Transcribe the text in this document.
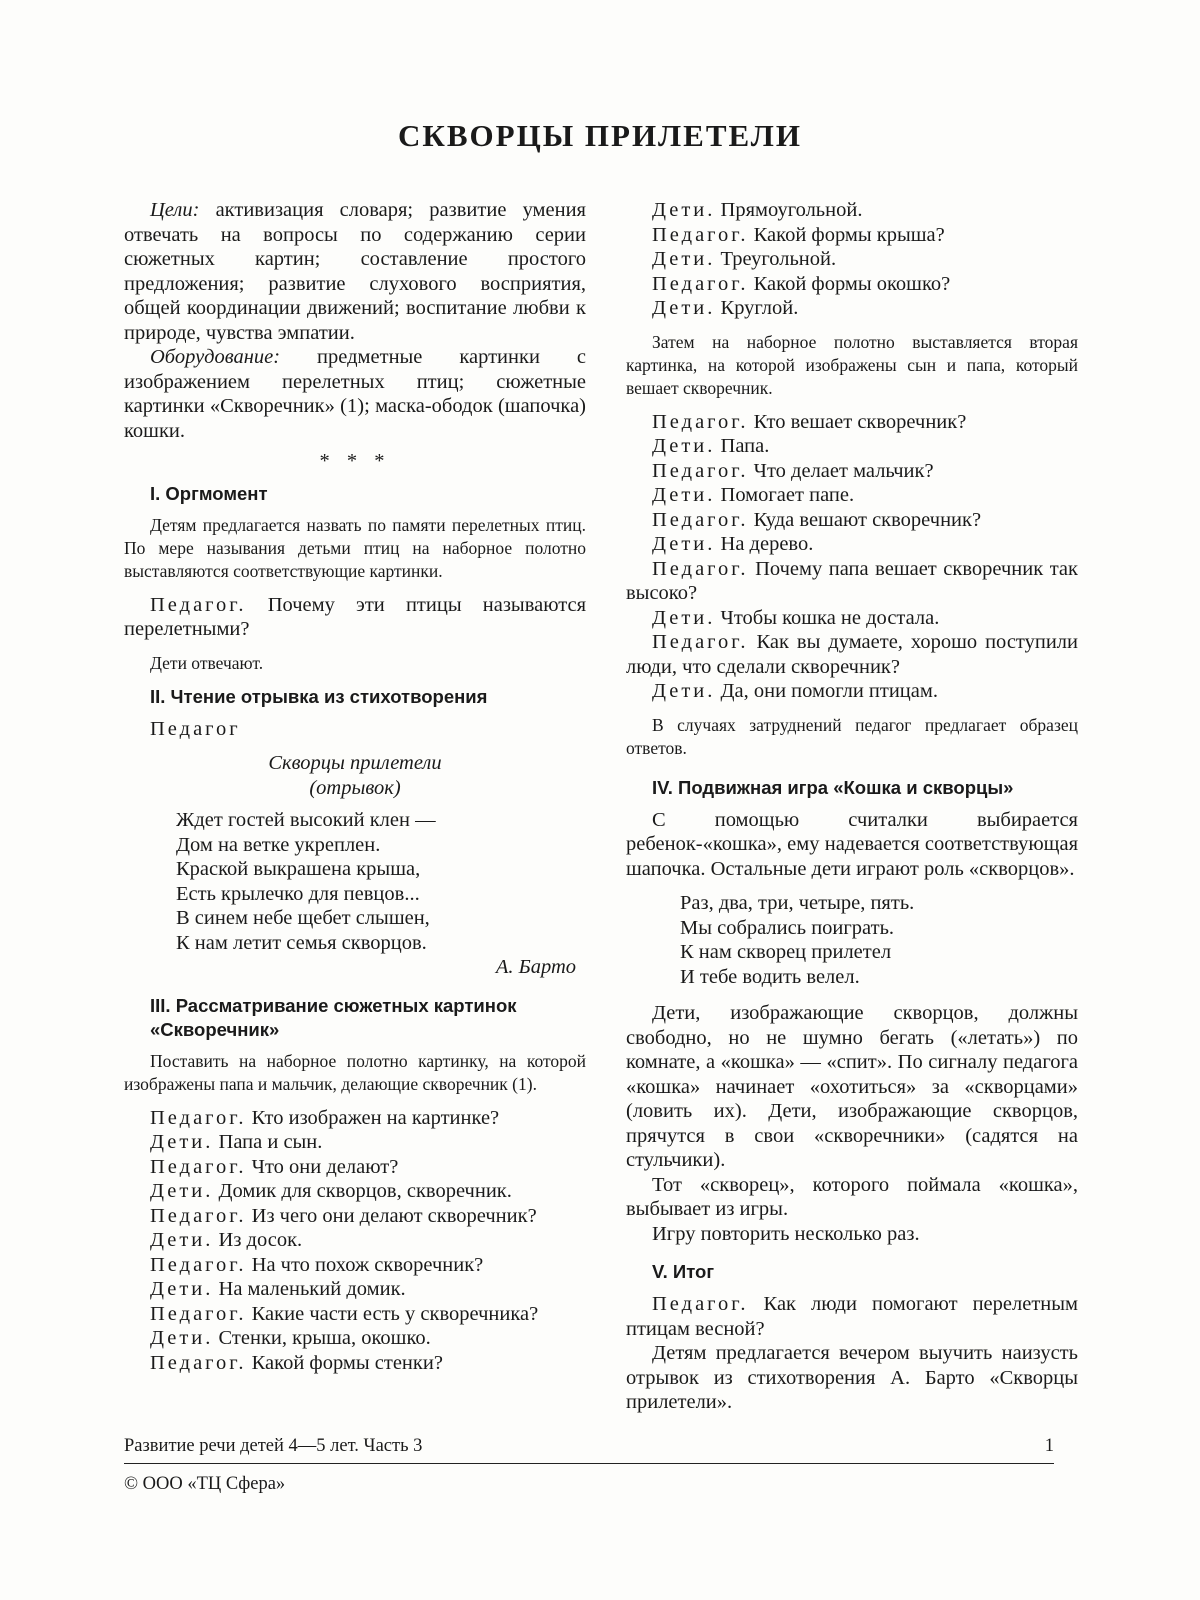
СКВОРЦЫ ПРИЛЕТЕЛИ

Цели: активизация словаря; развитие умения отвечать на вопросы по содержанию серии сюжетных картин; составление простого предложения; развитие слухового восприятия, общей координации движений; воспитание любви к природе, чувства эмпатии.

Оборудование: предметные картинки с изображением перелетных птиц; сюжетные картинки «Скворечник» (1); маска-ободок (шапочка) кошки.

* * *
I. Оргмомент

Детям предлагается назвать по памяти перелетных птиц. По мере называния детьми птиц на наборное полотно выставляются соответствующие картинки.

Педагог. Почему эти птицы называются перелетными?

Дети отвечают.

II. Чтение отрывка из стихотворения

Педагог

Скворцы прилетели

(отрывок)

Ждет гостей высокий клен —

Дом на ветке укреплен.

Краской выкрашена крыша,

Есть крылечко для певцов...

В синем небе щебет слышен,

К нам летит семья скворцов.

А. Барто

III. Рассматривание сюжетных картинок «Скворечник»

Поставить на наборное полотно картинку, на которой изображены папа и мальчик, делающие скворечник (1).

Педагог. Кто изображен на картинке?

Дети. Папа и сын.

Педагог. Что они делают?

Дети. Домик для скворцов, скворечник.

Педагог. Из чего они делают скворечник?

Дети. Из досок.

Педагог. На что похож скворечник?

Дети. На маленький домик.

Педагог. Какие части есть у скворечника?

Дети. Стенки, крыша, окошко.

Педагог. Какой формы стенки?

Дети. Прямоугольной.

Педагог. Какой формы крыша?

Дети. Треугольной.

Педагог. Какой формы окошко?

Дети. Круглой.

Затем на наборное полотно выставляется вторая картинка, на которой изображены сын и папа, который вешает скворечник.

Педагог. Кто вешает скворечник?

Дети. Папа.

Педагог. Что делает мальчик?

Дети. Помогает папе.

Педагог. Куда вешают скворечник?

Дети. На дерево.

Педагог. Почему папа вешает скворечник так высоко?

Дети. Чтобы кошка не достала.

Педагог. Как вы думаете, хорошо поступили люди, что сделали скворечник?

Дети. Да, они помогли птицам.

В случаях затруднений педагог предлагает образец ответов.

IV. Подвижная игра «Кошка и скворцы»

С помощью считалки выбирается ребенок-«кошка», ему надевается соответствующая шапочка. Остальные дети играют роль «скворцов».

Раз, два, три, четыре, пять.

Мы собрались поиграть.

К нам скворец прилетел

И тебе водить велел.

Дети, изображающие скворцов, должны свободно, но не шумно бегать («летать») по комнате, а «кошка» — «спит». По сигналу педагога «кошка» начинает «охотиться» за «скворцами» (ловить их). Дети, изображающие скворцов, прячутся в свои «скворечники» (садятся на стульчики).

Тот «скворец», которого поймала «кошка», выбывает из игры.

Игру повторить несколько раз.

V. Итог

Педагог. Как люди помогают перелетным птицам весной?

Детям предлагается вечером выучить наизусть отрывок из стихотворения А. Барто «Скворцы прилетели».

Развитие речи детей 4—5 лет. Часть 3	1
© ООО «ТЦ Сфера»
